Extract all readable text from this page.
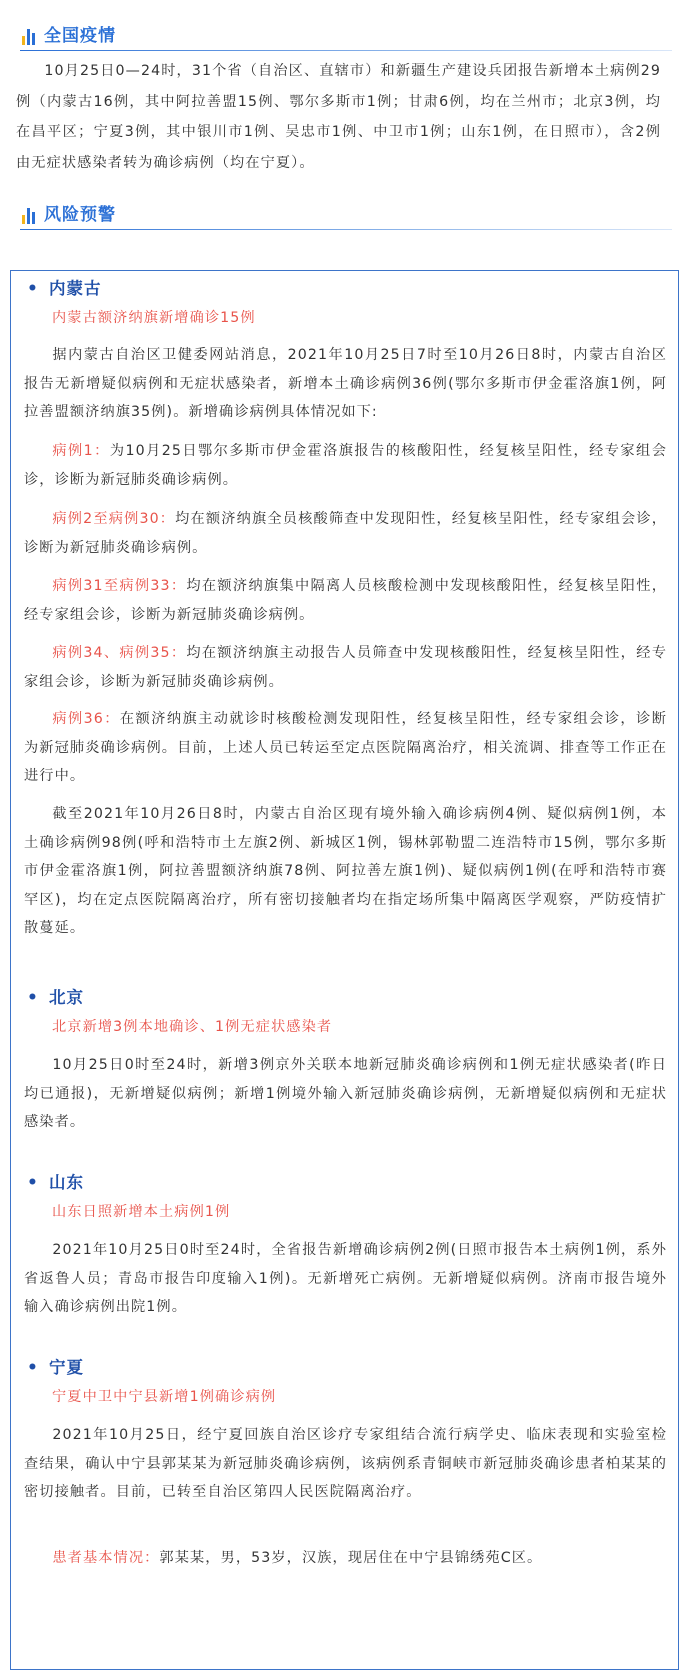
全国疫情

10月25日0—24时，31个省（自治区、直辖市）和新疆生产建设兵团报告新增本土病例29例（内蒙古16例，其中阿拉善盟15例、鄂尔多斯市1例；甘肃6例，均在兰州市；北京3例，均在昌平区；宁夏3例，其中银川市1例、吴忠市1例、中卫市1例；山东1例，在日照市），含2例由无症状感染者转为确诊病例（均在宁夏）。

风险预警
• 内蒙古
内蒙古额济纳旗新增确诊15例

据内蒙古自治区卫健委网站消息，2021年10月25日7时至10月26日8时，内蒙古自治区报告无新增疑似病例和无症状感染者，新增本土确诊病例36例(鄂尔多斯市伊金霍洛旗1例，阿拉善盟额济纳旗35例)。新增确诊病例具体情况如下:

病例1：为10月25日鄂尔多斯市伊金霍洛旗报告的核酸阳性，经复核呈阳性，经专家组会诊，诊断为新冠肺炎确诊病例。

病例2至病例30：均在额济纳旗全员核酸筛查中发现阳性，经复核呈阳性，经专家组会诊，诊断为新冠肺炎确诊病例。

病例31至病例33：均在额济纳旗集中隔离人员核酸检测中发现核酸阳性，经复核呈阳性，经专家组会诊，诊断为新冠肺炎确诊病例。

病例34、病例35：均在额济纳旗主动报告人员筛查中发现核酸阳性，经复核呈阳性，经专家组会诊，诊断为新冠肺炎确诊病例。

病例36：在额济纳旗主动就诊时核酸检测发现阳性，经复核呈阳性，经专家组会诊，诊断为新冠肺炎确诊病例。目前，上述人员已转运至定点医院隔离治疗，相关流调、排查等工作正在进行中。

截至2021年10月26日8时，内蒙古自治区现有境外输入确诊病例4例、疑似病例1例，本土确诊病例98例(呼和浩特市土左旗2例、新城区1例，锡林郭勒盟二连浩特市15例，鄂尔多斯市伊金霍洛旗1例，阿拉善盟额济纳旗78例、阿拉善左旗1例)、疑似病例1例(在呼和浩特市赛罕区)，均在定点医院隔离治疗，所有密切接触者均在指定场所集中隔离医学观察，严防疫情扩散蔓延。

• 北京
北京新增3例本地确诊、1例无症状感染者

10月25日0时至24时，新增3例京外关联本地新冠肺炎确诊病例和1例无症状感染者(昨日均已通报)，无新增疑似病例；新增1例境外输入新冠肺炎确诊病例，无新增疑似病例和无症状感染者。

• 山东
山东日照新增本土病例1例

2021年10月25日0时至24时，全省报告新增确诊病例2例(日照市报告本土病例1例，系外省返鲁人员；青岛市报告印度输入1例)。无新增死亡病例。无新增疑似病例。济南市报告境外输入确诊病例出院1例。

• 宁夏
宁夏中卫中宁县新增1例确诊病例

2021年10月25日，经宁夏回族自治区诊疗专家组结合流行病学史、临床表现和实验室检查结果，确认中宁县郭某某为新冠肺炎确诊病例，该病例系青铜峡市新冠肺炎确诊患者柏某某的密切接触者。目前，已转至自治区第四人民医院隔离治疗。

患者基本情况：郭某某，男，53岁，汉族，现居住在中宁县锦绣苑C区。
